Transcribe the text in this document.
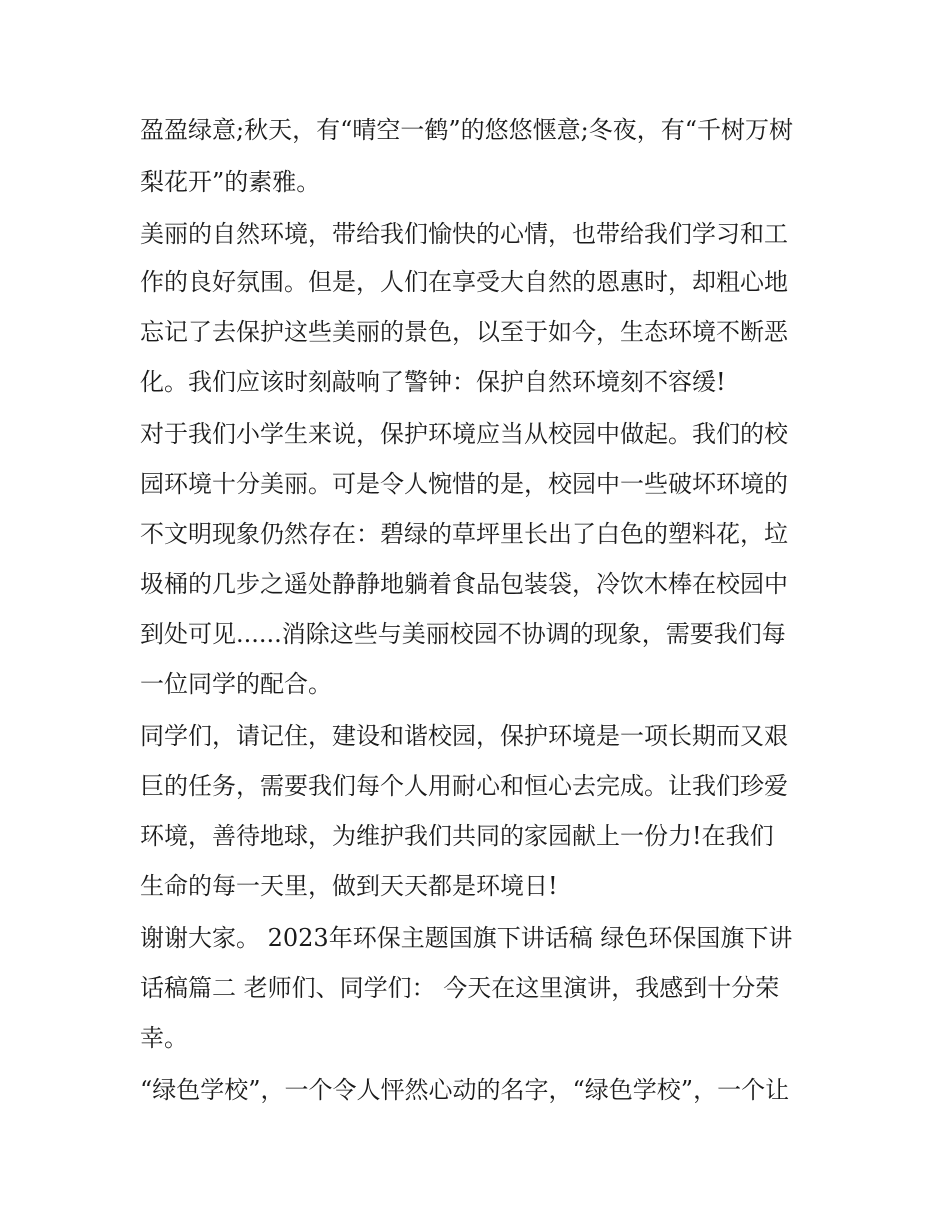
盈盈绿意;秋天，有“晴空一鹤”的悠悠惬意;冬夜，有“千树万树
梨花开”的素雅。
美丽的自然环境，带给我们愉快的心情，也带给我们学习和工
作的良好氛围。但是，人们在享受大自然的恩惠时，却粗心地
忘记了去保护这些美丽的景色，以至于如今，生态环境不断恶
化。我们应该时刻敲响了警钟：保护自然环境刻不容缓!
对于我们小学生来说，保护环境应当从校园中做起。我们的校
园环境十分美丽。可是令人惋惜的是，校园中一些破坏环境的
不文明现象仍然存在：碧绿的草坪里长出了白色的塑料花，垃
圾桶的几步之遥处静静地躺着食品包装袋，冷饮木棒在校园中
到处可见......消除这些与美丽校园不协调的现象，需要我们每
一位同学的配合。
同学们，请记住，建设和谐校园，保护环境是一项长期而又艰
巨的任务，需要我们每个人用耐心和恒心去完成。让我们珍爱
环境，善待地球，为维护我们共同的家园献上一份力!在我们
生命的每一天里，做到天天都是环境日!
谢谢大家。 2023年环保主题国旗下讲话稿 绿色环保国旗下讲
话稿篇二 老师们、同学们： 今天在这里演讲，我感到十分荣
幸。
“绿色学校”，一个令人怦然心动的名字，“绿色学校”，一个让
